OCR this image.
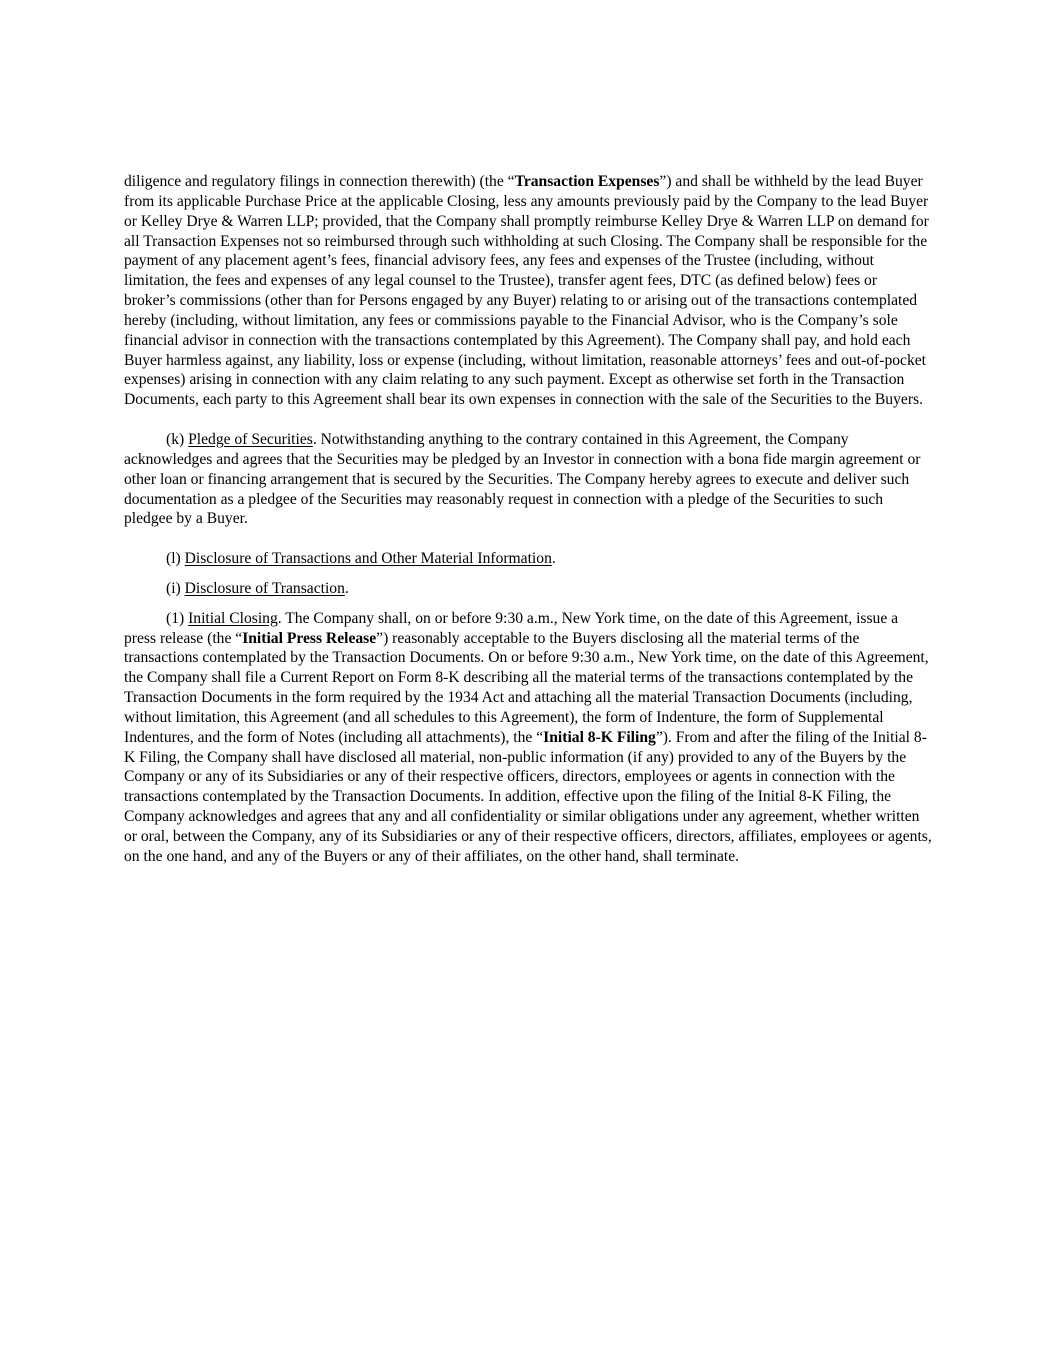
diligence and regulatory filings in connection therewith) (the “Transaction Expenses”) and shall be withheld by the lead Buyer from its applicable Purchase Price at the applicable Closing, less any amounts previously paid by the Company to the lead Buyer or Kelley Drye & Warren LLP; provided, that the Company shall promptly reimburse Kelley Drye & Warren LLP on demand for all Transaction Expenses not so reimbursed through such withholding at such Closing. The Company shall be responsible for the payment of any placement agent’s fees, financial advisory fees, any fees and expenses of the Trustee (including, without limitation, the fees and expenses of any legal counsel to the Trustee), transfer agent fees, DTC (as defined below) fees or broker’s commissions (other than for Persons engaged by any Buyer) relating to or arising out of the transactions contemplated hereby (including, without limitation, any fees or commissions payable to the Financial Advisor, who is the Company’s sole financial advisor in connection with the transactions contemplated by this Agreement). The Company shall pay, and hold each Buyer harmless against, any liability, loss or expense (including, without limitation, reasonable attorneys’ fees and out-of-pocket expenses) arising in connection with any claim relating to any such payment. Except as otherwise set forth in the Transaction Documents, each party to this Agreement shall bear its own expenses in connection with the sale of the Securities to the Buyers.

(k) Pledge of Securities. Notwithstanding anything to the contrary contained in this Agreement, the Company acknowledges and agrees that the Securities may be pledged by an Investor in connection with a bona fide margin agreement or other loan or financing arrangement that is secured by the Securities. The Company hereby agrees to execute and deliver such documentation as a pledgee of the Securities may reasonably request in connection with a pledge of the Securities to such pledgee by a Buyer.

(l) Disclosure of Transactions and Other Material Information.

(i) Disclosure of Transaction.

(1) Initial Closing. The Company shall, on or before 9:30 a.m., New York time, on the date of this Agreement, issue a press release (the “Initial Press Release”) reasonably acceptable to the Buyers disclosing all the material terms of the transactions contemplated by the Transaction Documents. On or before 9:30 a.m., New York time, on the date of this Agreement, the Company shall file a Current Report on Form 8-K describing all the material terms of the transactions contemplated by the Transaction Documents in the form required by the 1934 Act and attaching all the material Transaction Documents (including, without limitation, this Agreement (and all schedules to this Agreement), the form of Indenture, the form of Supplemental Indentures, and the form of Notes (including all attachments), the “Initial 8-K Filing”). From and after the filing of the Initial 8-K Filing, the Company shall have disclosed all material, non-public information (if any) provided to any of the Buyers by the Company or any of its Subsidiaries or any of their respective officers, directors, employees or agents in connection with the transactions contemplated by the Transaction Documents. In addition, effective upon the filing of the Initial 8-K Filing, the Company acknowledges and agrees that any and all confidentiality or similar obligations under any agreement, whether written or oral, between the Company, any of its Subsidiaries or any of their respective officers, directors, affiliates, employees or agents, on the one hand, and any of the Buyers or any of their affiliates, on the other hand, shall terminate.
